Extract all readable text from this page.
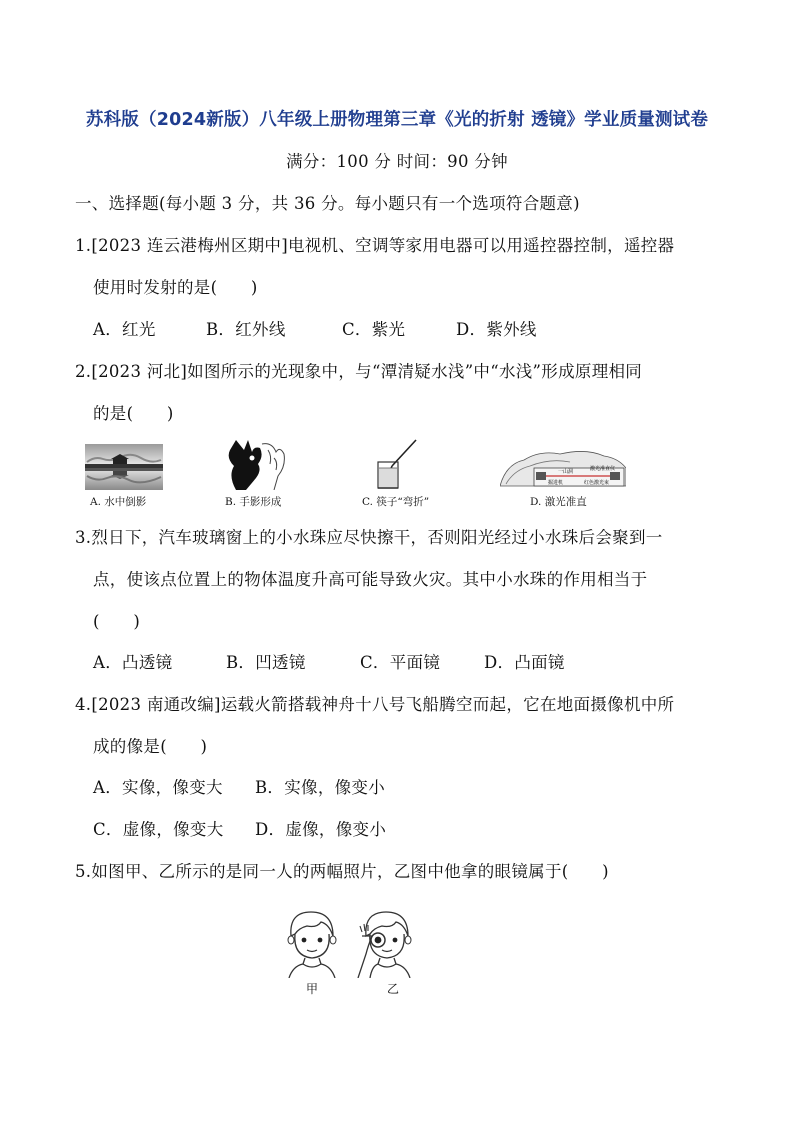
苏科版（2024新版）八年级上册物理第三章《光的折射 透镜》学业质量测试卷
满分：100 分 时间：90 分钟
一、选择题(每小题 3 分，共 36 分。每小题只有一个选项符合题意)
1.[2023 连云港梅州区期中]电视机、空调等家用电器可以用遥控器控制，遥控器
使用时发射的是(　　)
A．红光	B．红外线	C．紫光	D．紫外线
2.[2023 河北]如图所示的光现象中，与“潭清疑水浅”中“水浅”形成原理相同
的是(　　)
A. 水中倒影	B. 手影形成	C. 筷子“弯折”
一山洞	激光准直仪
掘进机	红色激光束
D. 激光准直
3.烈日下，汽车玻璃窗上的小水珠应尽快擦干，否则阳光经过小水珠后会聚到一
点，使该点位置上的物体温度升高可能导致火灾。其中小水珠的作用相当于
(　　)
A．凸透镜	B．凹透镜	C．平面镜	D．凸面镜
4.[2023 南通改编]运载火箭搭载神舟十八号飞船腾空而起，它在地面摄像机中所
成的像是(　　)
A．实像，像变大 B．实像，像变小
C．虚像，像变大 D．虚像，像变小
5.如图甲、乙所示的是同一人的两幅照片，乙图中他拿的眼镜属于(　　)
甲	乙
